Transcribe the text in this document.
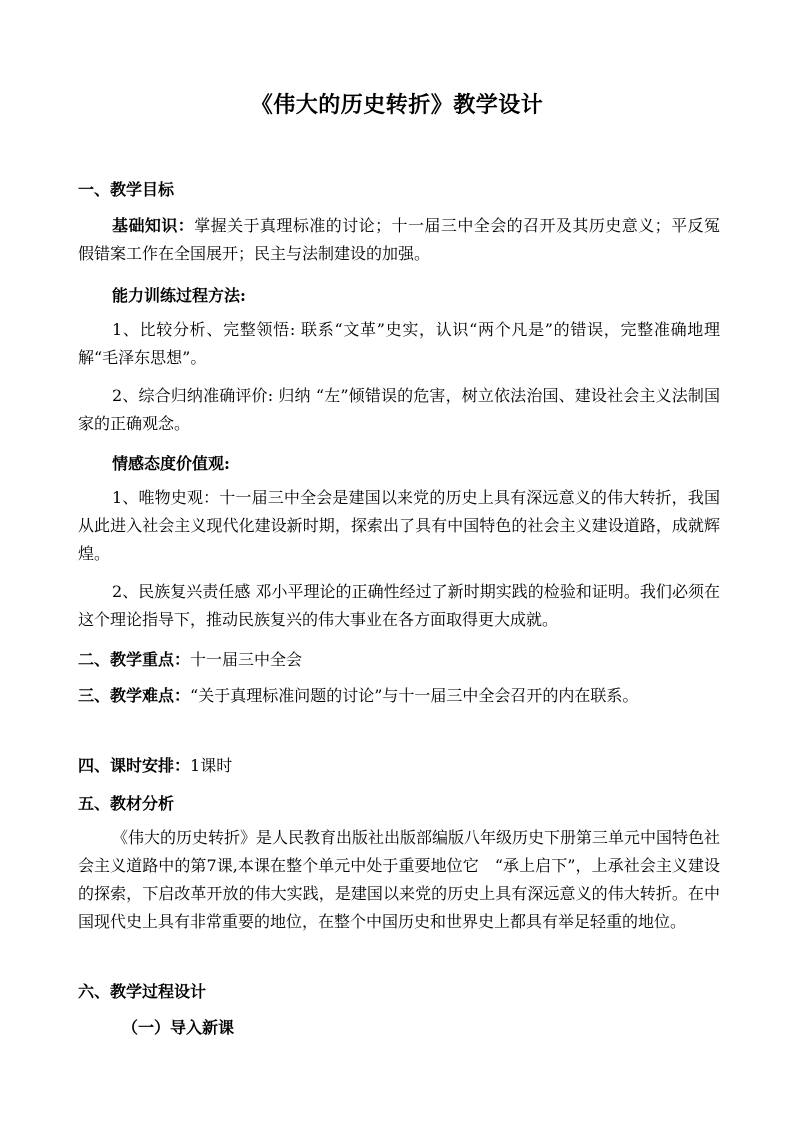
《伟大的历史转折》教学设计
一、教学目标
基础知识：掌握关于真理标准的讨论；十一届三中全会的召开及其历史意义；平反冤假错案工作在全国展开；民主与法制建设的加强。
能力训练过程方法:
1、比较分析、完整领悟: 联系“文革”史实，认识“两个凡是”的错误，完整准确地理解“毛泽东思想”。
2、综合归纳准确评价: 归纳 “左”倾错误的危害，树立依法治国、建设社会主义法制国家的正确观念。
情感态度价值观:
1、唯物史观：十一届三中全会是建国以来党的历史上具有深远意义的伟大转折，我国从此进入社会主义现代化建设新时期，探索出了具有中国特色的社会主义建设道路，成就辉煌。
2、民族复兴责任感 邓小平理论的正确性经过了新时期实践的检验和证明。我们必须在这个理论指导下，推动民族复兴的伟大事业在各方面取得更大成就。
二、教学重点：十一届三中全会
三、教学难点：“关于真理标准问题的讨论”与十一届三中全会召开的内在联系。
四、课时安排：1课时
五、教材分析
《伟大的历史转折》是人民教育出版社出版部编版八年级历史下册第三单元中国特色社会主义道路中的第7课,本课在整个单元中处于重要地位它　“承上启下”，上承社会主义建设的探索，下启改革开放的伟大实践，是建国以来党的历史上具有深远意义的伟大转折。在中国现代史上具有非常重要的地位，在整个中国历史和世界史上都具有举足轻重的地位。
六、教学过程设计
（一）导入新课
